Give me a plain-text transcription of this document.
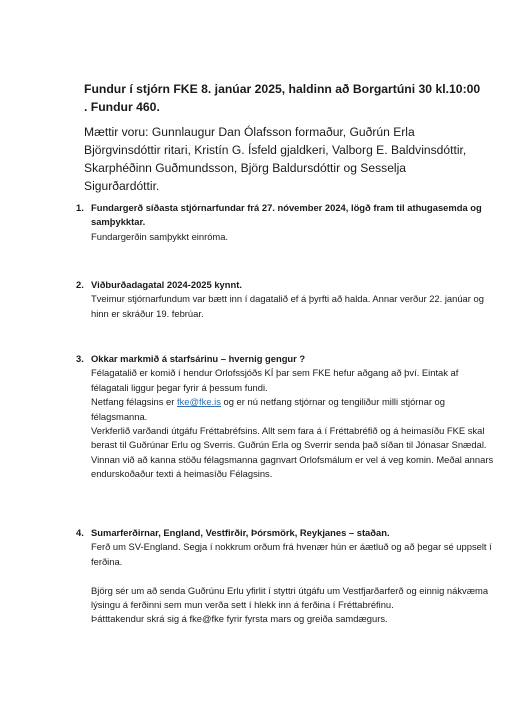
Fundur í stjórn FKE 8. janúar 2025, haldinn að Borgartúni 30 kl.10:00 . Fundur 460.

Mættir voru: Gunnlaugur Dan Ólafsson formaður, Guðrún Erla Björgvinsdóttir ritari, Kristín G. Ísfeld gjaldkeri, Valborg E. Baldvinsdóttir, Skarphéðinn Guðmundsson, Björg Baldursdóttir og Sesselja Sigurðardóttir.

1. Fundargerð síðasta stjórnarfundar frá 27. nóvember 2024, lögð fram til athugasemda og samþykktar.

Fundargerðin samþykkt einróma.

2. Viðburðadagatal 2024-2025 kynnt.

Tveimur stjórnarfundum var bætt inn í dagatalið ef á þyrfti að halda. Annar verður 22. janúar og hinn er skráður 19. febrúar.

3. Okkar markmið á starfsárinu – hvernig gengur ?

Félagatalið er komið í hendur Orlofssjóðs KÍ þar sem FKE hefur aðgang að því. Eintak af félagatali liggur þegar fyrir á þessum fundi.

Netfang félagsins er fke@fke.is og er nú netfang stjórnar og tengiliður milli stjórnar og félagsmanna.

Verkferlið varðandi útgáfu Fréttabréfsins. Allt sem fara á í Fréttabréfið og á heimasíðu FKE skal berast til Guðrúnar Erlu og Sverris. Guðrún Erla og Sverrir senda það síðan til Jónasar Snædal.

Vinnan við að kanna stöðu félagsmanna gagnvart Orlofsmálum er vel á veg komin. Meðal annars endurskoðaður texti á heimasíðu Félagsins.

4. Sumarferðirnar, England, Vestfirðir, Þórsmörk, Reykjanes – staðan.

Ferð um SV-England. Segja í nokkrum orðum frá hvenær hún er áætluð og að þegar sé uppselt í ferðina.

Björg sér um að senda Guðrúnu Erlu yfirlit í styttri útgáfu um Vestfjarðarferð og einnig nákvæma lýsingu á ferðinni sem mun verða sett í hlekk inn á ferðina í Fréttabréfinu.

Þátttakendur skrá sig á fke@fke fyrir fyrsta mars og greiða samdægurs.
